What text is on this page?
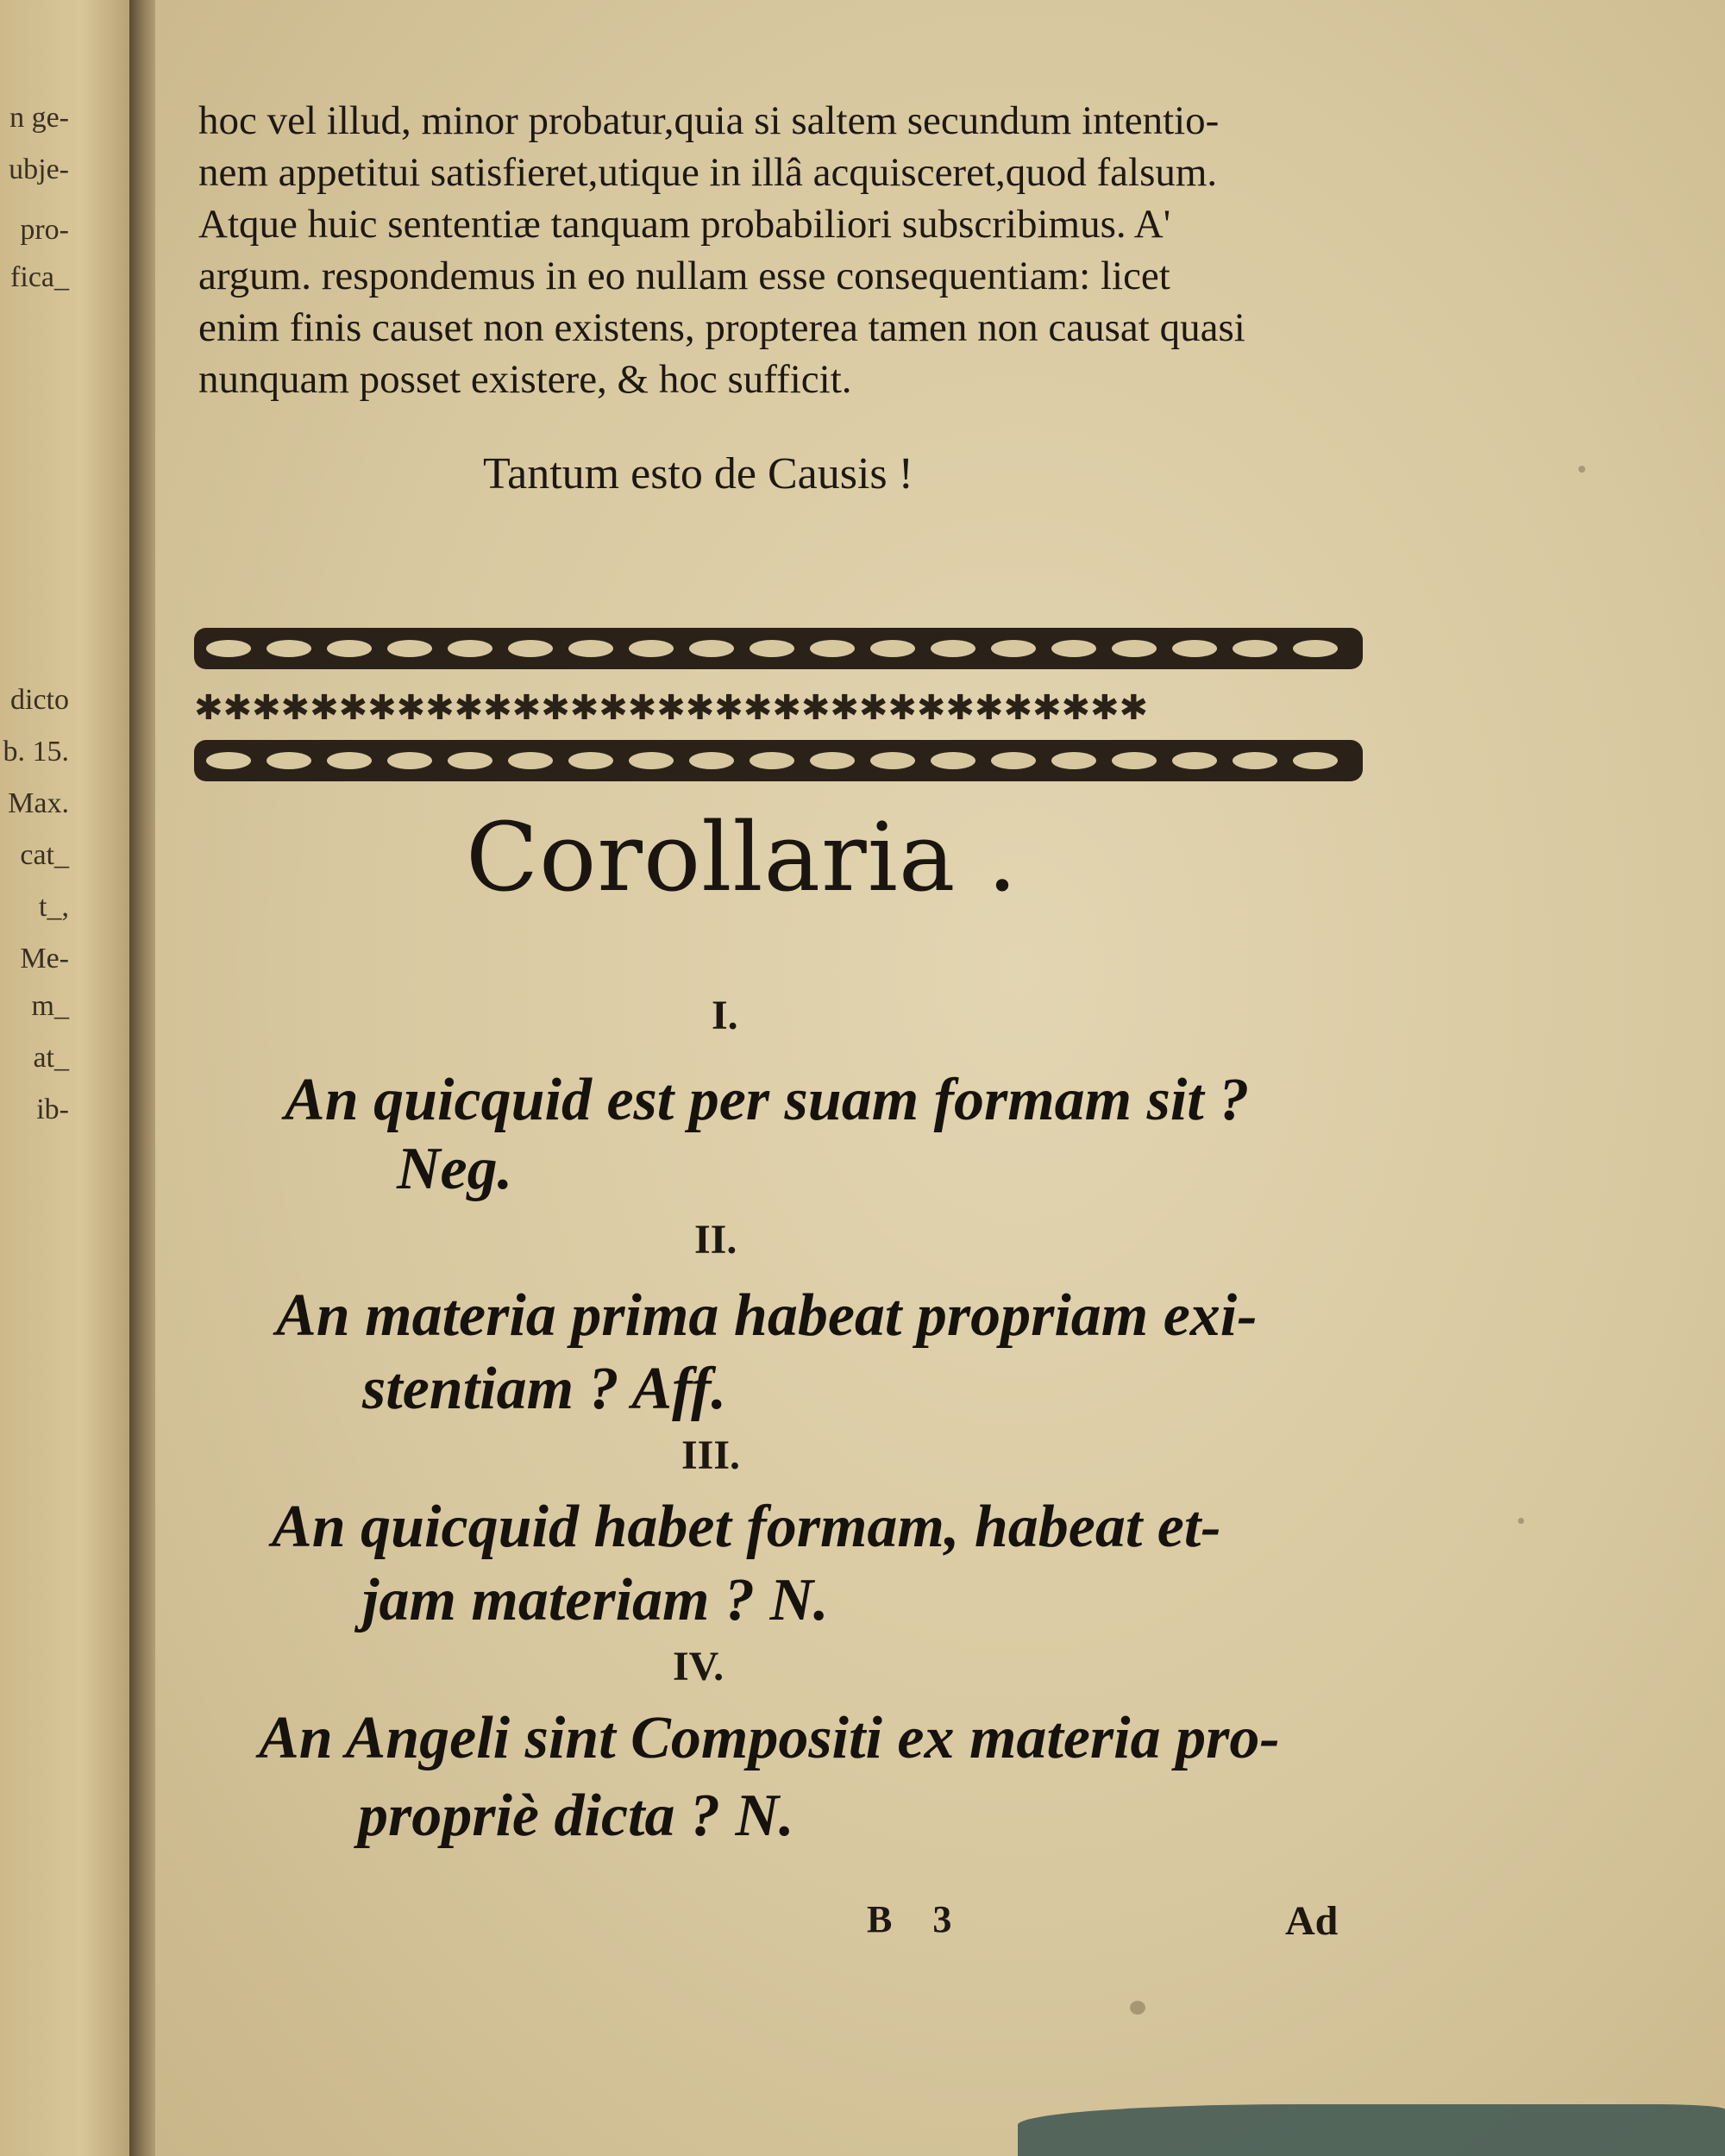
n ge-
ubje-
pro-
fica_
dicto
b. 15.
Max.
cat_
t_,
Me-
m_
at_
ib-
hoc vel illud, minor probatur,quia si saltem secundum intentio-
nem appetitui satisfieret,utique in illâ acquisceret,quod falsum.
Atque huic sententiæ tanquam probabiliori subscribimus. A'
argum. respondemus in eo nullam esse consequentiam: licet
enim finis causet non existens, propterea tamen non causat quasi
nunquam posset existere, & hoc sufficit.
Tantum esto de Causis !
✱✱✱✱✱✱✱✱✱✱✱✱✱✱✱✱✱✱✱✱✱✱✱✱✱✱✱✱✱✱✱✱✱
Corollaria .
I.
An quicquid est per suam formam sit ?
Neg.
II.
An materia prima habeat propriam exi-
stentiam ? Aff.
III.
An quicquid habet formam, habeat et-
jam materiam ? N.
IV.
An Angeli sint Compositi ex materia pro-
propriè dicta ? N.
B 3	Ad
